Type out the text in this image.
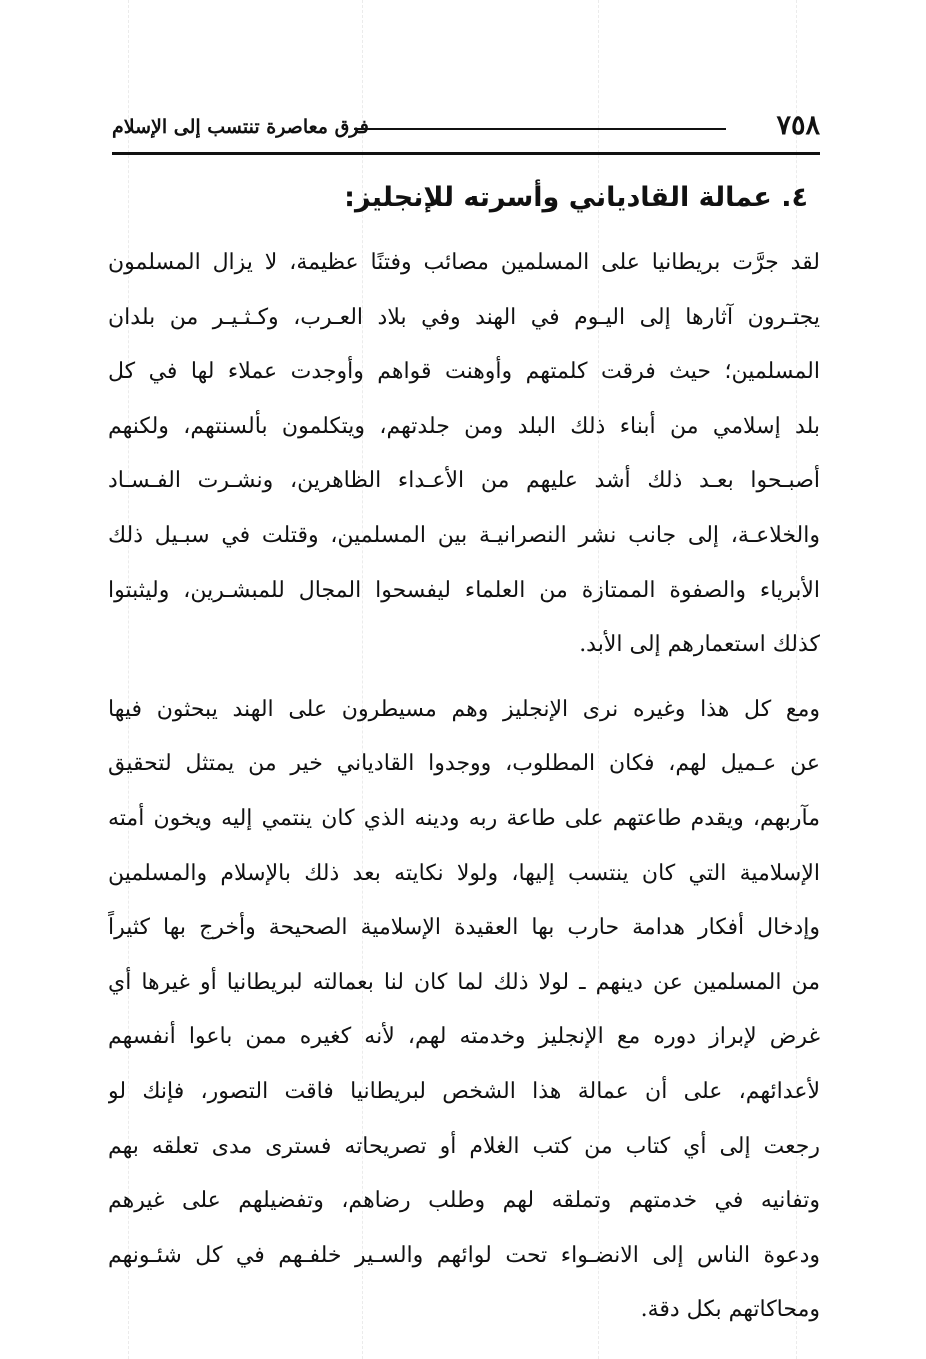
فرق معاصرة تنتسب إلى الإسلام	٧٥٨
٤. عمالة القادياني وأسرته للإنجليز:
لقد جرَّت بريطانيا على المسلمين مصائب وفتنًا عظيمة، لا يزال المسلمون
يجتـرون آثارها إلى اليـوم في الهند وفي بلاد العـرب، وكـثـيـر من بلدان
المسلمين؛ حيث فرقت كلمتهم وأوهنت قواهم وأوجدت عملاء لها في كل
بلد إسلامي من أبناء ذلك البلد ومن جلدتهم، ويتكلمون بألسنتهم، ولكنهم
أصبـحوا بعـد ذلك أشد عليهم من الأعـداء الظاهرين، ونشـرت الفـسـاد
والخلاعـة، إلى جانب نشر النصرانيـة بين المسلمين، وقتلت في سبـيل ذلك
الأبرياء والصفوة الممتازة من العلماء ليفسحوا المجال للمبشـرين، وليثبتوا
كذلك استعمارهم إلى الأبد.
ومع كل هذا وغيره نرى الإنجليز وهم مسيطرون على الهند يبحثون فيها
عن عـميل لهم، فكان المطلوب، ووجدوا القادياني خير من يمتثل لتحقيق
مآربهم، ويقدم طاعتهم على طاعة ربه ودينه الذي كان ينتمي إليه ويخون أمته
الإسلامية التي كان ينتسب إليها، ولولا نكايته بعد ذلك بالإسلام والمسلمين
وإدخال أفكار هدامة حارب بها العقيدة الإسلامية الصحيحة وأخرج بها كثيراً
من المسلمين عن دينهم ـ لولا ذلك لما كان لنا بعمالته لبريطانيا أو غيرها أي
غرض لإبراز دوره مع الإنجليز وخدمته لهم، لأنه كغيره ممن باعوا أنفسهم
لأعدائهم، على أن عمالة هذا الشخص لبريطانيا فاقت التصور، فإنك لو
رجعت إلى أي كتاب من كتب الغلام أو تصريحاته فسترى مدى تعلقه بهم
وتفانيه في خدمتهم وتملقه لهم وطلب رضاهم، وتفضيلهم على غيرهم
ودعوة الناس إلى الانضـواء تحت لوائهم والسـير خلفـهم في كل شئـونهم
ومحاكاتهم بكل دقة.
